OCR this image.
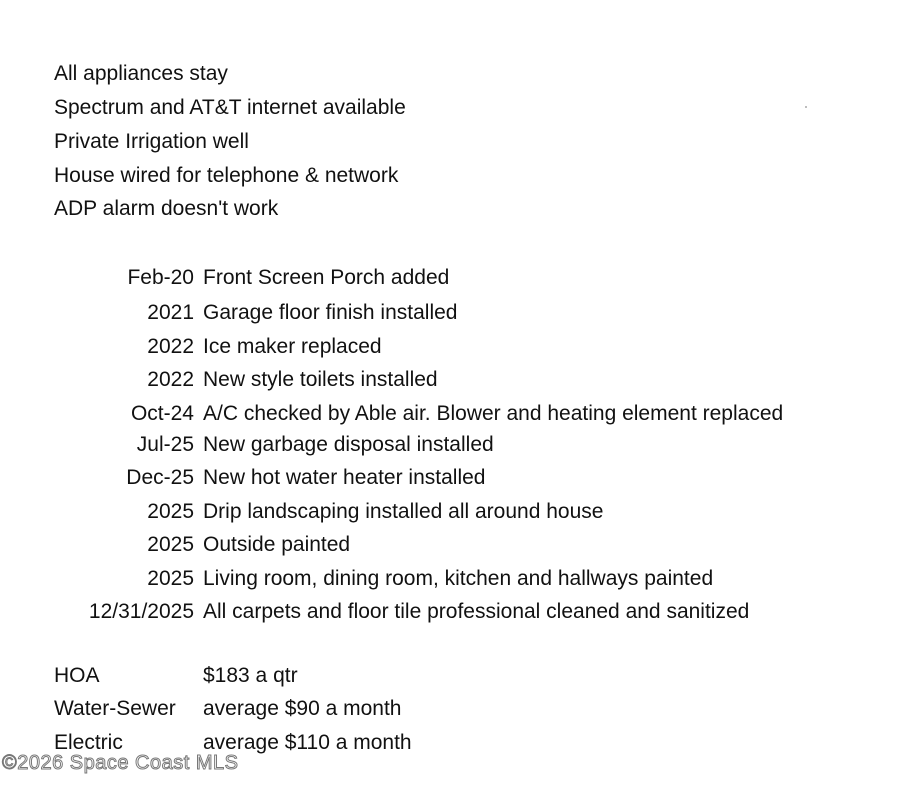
All appliances stay
Spectrum and AT&T internet available
Private Irrigation well
House wired for telephone & network
ADP alarm doesn't work
Feb-20 Front Screen Porch added
2021 Garage floor finish installed
2022 Ice maker replaced
2022 New style toilets installed
Oct-24 A/C checked by Able air. Blower and heating element replaced
Jul-25 New garbage disposal installed
Dec-25 New hot water heater installed
2025 Drip landscaping installed all around house
2025 Outside painted
2025 Living room, dining room, kitchen and hallways painted
12/31/2025 All carpets and floor tile professional cleaned and sanitized
HOA	$183 a qtr
Water-Sewer average $90 a month
Electric	average $110 a month
©2026 Space Coast MLS
